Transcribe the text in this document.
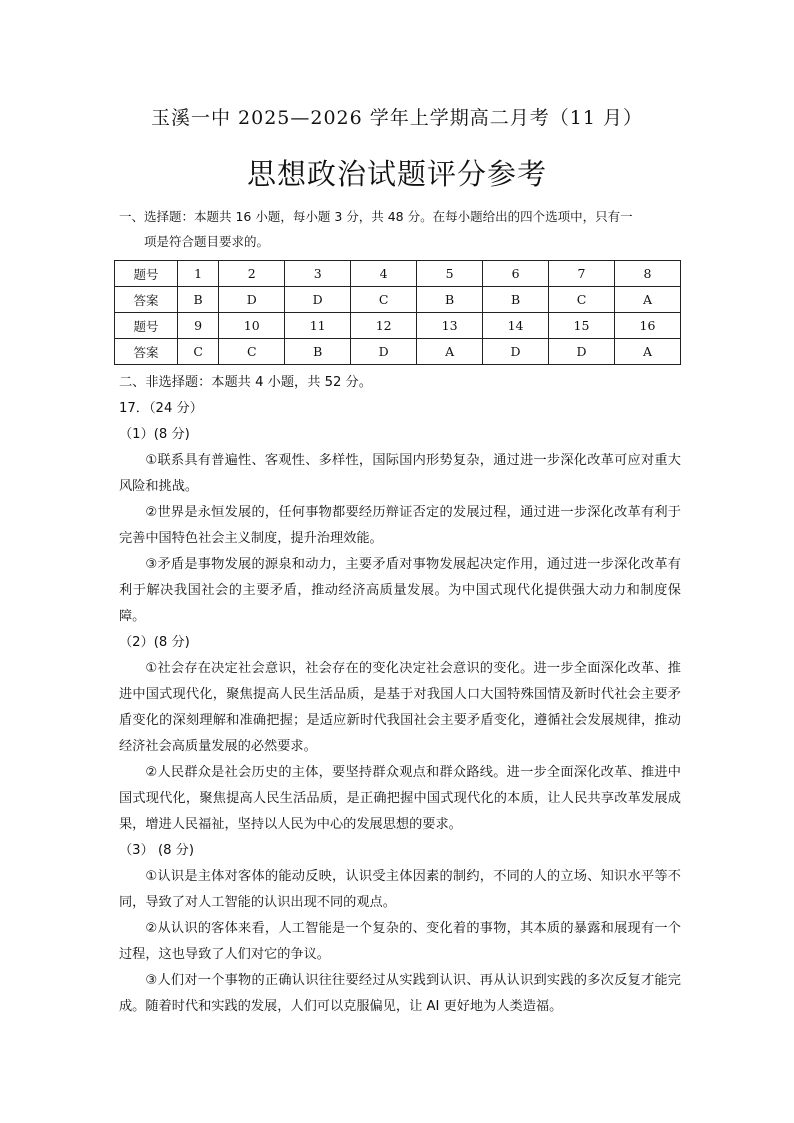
玉溪一中 2025—2026 学年上学期高二月考（11 月）
思想政治试题评分参考
一、选择题：本题共 16 小题，每小题 3 分，共 48 分。在每小题给出的四个选项中，只有一
项是符合题目要求的。
题号	1	2	3	4	5	6	7	8
答案	B	D	D	C	B	B	C	A
题号	9	10	11	12	13	14	15	16
答案	C	C	B	D	A	D	D	A

二、非选择题：本题共 4 小题，共 52 分。

17．（24 分）

（1）(8 分)

①联系具有普遍性、客观性、多样性，国际国内形势复杂，通过进一步深化改革可应对重大风险和挑战。

②世界是永恒发展的，任何事物都要经历辩证否定的发展过程，通过进一步深化改革有利于完善中国特色社会主义制度，提升治理效能。

③矛盾是事物发展的源泉和动力，主要矛盾对事物发展起决定作用，通过进一步深化改革有利于解决我国社会的主要矛盾，推动经济高质量发展。为中国式现代化提供强大动力和制度保障。

（2）(8 分)

①社会存在决定社会意识，社会存在的变化决定社会意识的变化。进一步全面深化改革、推进中国式现代化，聚焦提高人民生活品质，是基于对我国人口大国特殊国情及新时代社会主要矛盾变化的深刻理解和准确把握；是适应新时代我国社会主要矛盾变化，遵循社会发展规律，推动经济社会高质量发展的必然要求。

②人民群众是社会历史的主体，要坚持群众观点和群众路线。进一步全面深化改革、推进中国式现代化，聚焦提高人民生活品质，是正确把握中国式现代化的本质，让人民共享改革发展成果，增进人民福祉，坚持以人民为中心的发展思想的要求。

（3） (8 分)

①认识是主体对客体的能动反映，认识受主体因素的制约，不同的人的立场、知识水平等不同，导致了对人工智能的认识出现不同的观点。

②从认识的客体来看，人工智能是一个复杂的、变化着的事物，其本质的暴露和展现有一个过程，这也导致了人们对它的争议。

③人们对一个事物的正确认识往往要经过从实践到认识、再从认识到实践的多次反复才能完成。随着时代和实践的发展，人们可以克服偏见，让 AI 更好地为人类造福。
